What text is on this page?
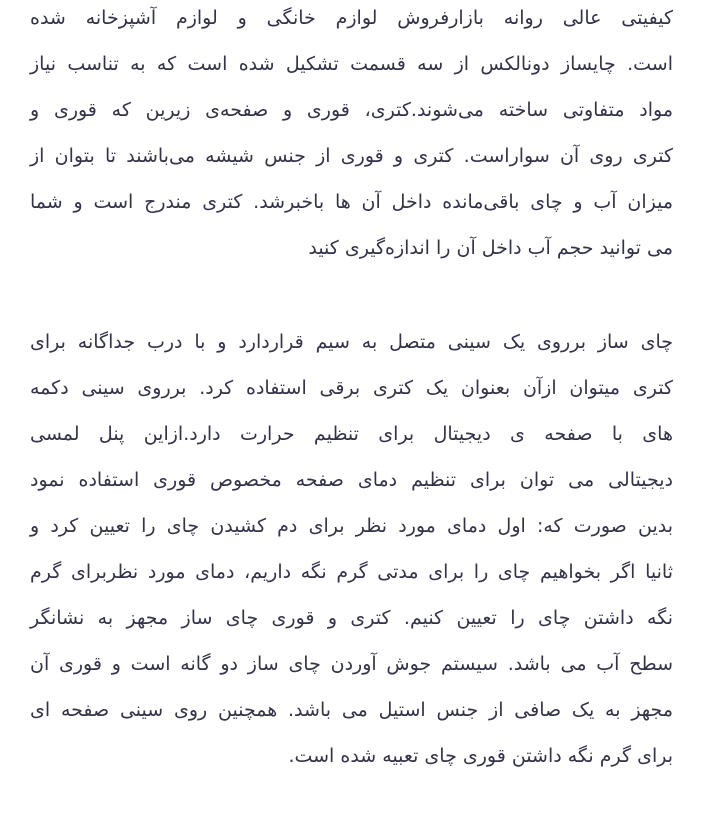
کیفیتی عالی روانه بازارفروش لوازم خانگی و لوازم آشپزخانه شده
است. چایساز دونالکس از سه قسمت تشکیل شده است که به تناسب نیاز
مواد متفاوتی ساخته می‌شوند.کتری، قوری و صفحه‌ی زیرین که قوری و
کتری روی آن سواراست. کتری و قوری از جنس شیشه می‌باشند تا بتوان از
میزان آب و چای باقی‌مانده داخل آن ها باخبرشد. کتری مندرج است و شما
می توانید حجم آب داخل آن را اندازه‌گیری کنید
چای ساز برروی یک سینی متصل به سیم قراردارد و با درب جداگانه برای
کتری میتوان ازآن بعنوان یک کتری برقی استفاده کرد. برروی سینی دکمه
های با صفحه ی دیجیتال برای تنظیم حرارت دارد.ازاین پنل لمسی
دیجیتالی می توان برای تنظیم دمای صفحه مخصوص قوری استفاده نمود
بدین صورت که: اول دمای مورد نظر برای دم کشیدن چای را تعیین کرد و
ثانیا اگر بخواهیم چای را برای مدتی گرم نگه داریم، دمای مورد نظربرای گرم
نگه داشتن چای را تعیین کنیم. کتری و قوری چای ساز مجهز به نشانگر
سطح آب می باشد. سیستم جوش آوردن چای ساز دو گانه است و قوری آن
مجهز به یک صافی از جنس استیل می باشد. همچنین روی سینی صفحه ای
برای گرم نگه داشتن قوری چای تعبیه شده است.
